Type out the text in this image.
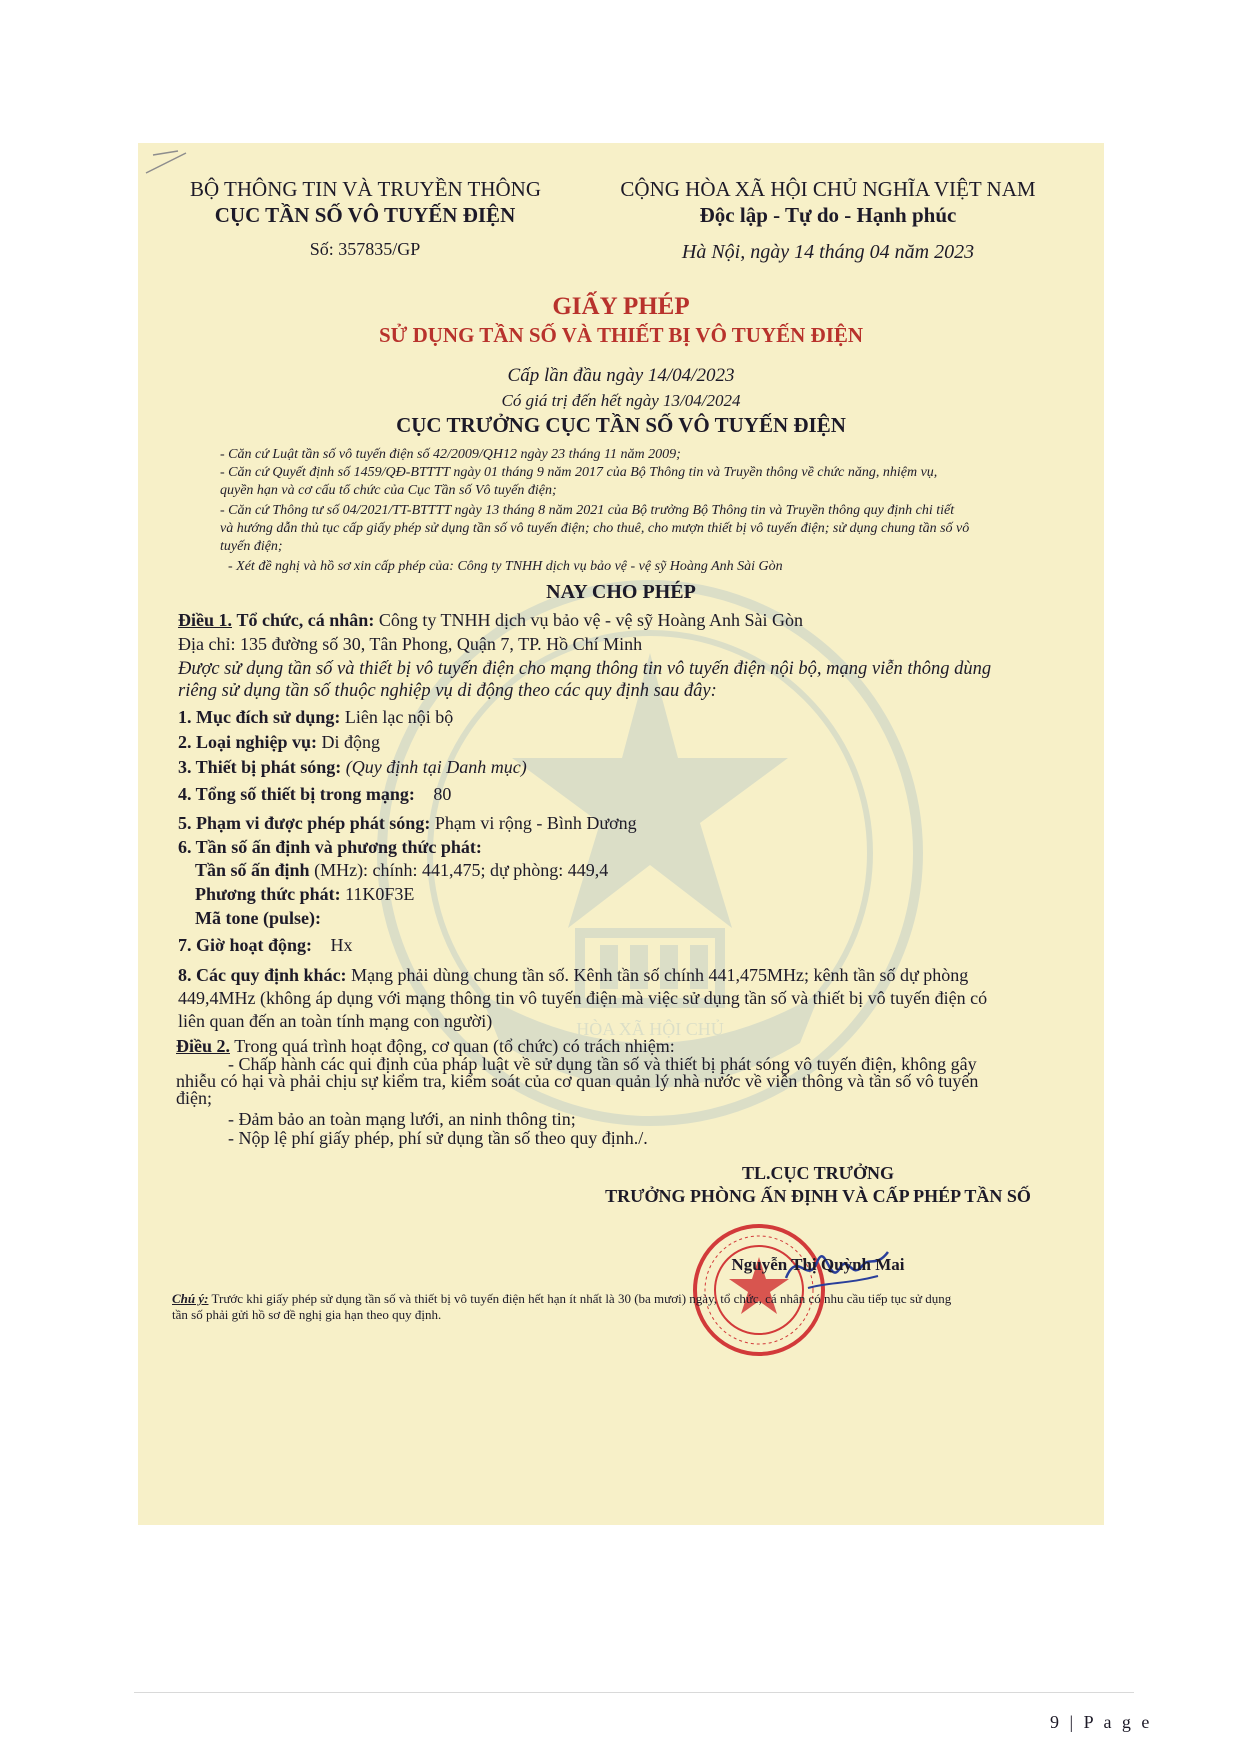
HÒA XÃ HỘI CHỦ
BỘ THÔNG TIN VÀ TRUYỀN THÔNG
CỤC TẦN SỐ VÔ TUYẾN ĐIỆN
Số: 357835/GP
CỘNG HÒA XÃ HỘI CHỦ NGHĨA VIỆT NAM
Độc lập - Tự do - Hạnh phúc
Hà Nội, ngày 14 tháng 04 năm 2023
GIẤY PHÉP
SỬ DỤNG TẦN SỐ VÀ THIẾT BỊ VÔ TUYẾN ĐIỆN
Cấp lần đầu ngày 14/04/2023
Có giá trị đến hết ngày 13/04/2024
CỤC TRƯỞNG CỤC TẦN SỐ VÔ TUYẾN ĐIỆN
- Căn cứ Luật tần số vô tuyến điện số 42/2009/QH12 ngày 23 tháng 11 năm 2009;
- Căn cứ Quyết định số 1459/QĐ-BTTTT ngày 01 tháng 9 năm 2017 của Bộ Thông tin và Truyền thông về chức năng, nhiệm vụ,
quyền hạn và cơ cấu tổ chức của Cục Tần số Vô tuyến điện;
- Căn cứ Thông tư số 04/2021/TT-BTTTT ngày 13 tháng 8 năm 2021 của Bộ trưởng Bộ Thông tin và Truyền thông quy định chi tiết
và hướng dẫn thủ tục cấp giấy phép sử dụng tần số vô tuyến điện; cho thuê, cho mượn thiết bị vô tuyến điện; sử dụng chung tần số vô
tuyến điện;
- Xét đề nghị và hồ sơ xin cấp phép của: Công ty TNHH dịch vụ bảo vệ - vệ sỹ Hoàng Anh Sài Gòn
NAY CHO PHÉP
Điều 1. Tổ chức, cá nhân: Công ty TNHH dịch vụ bảo vệ - vệ sỹ Hoàng Anh Sài Gòn
Địa chỉ: 135 đường số 30, Tân Phong, Quận 7, TP. Hồ Chí Minh
Được sử dụng tần số và thiết bị vô tuyến điện cho mạng thông tin vô tuyến điện nội bộ, mạng viễn thông dùng
riêng sử dụng tần số thuộc nghiệp vụ di động theo các quy định sau đây:
1. Mục đích sử dụng: Liên lạc nội bộ
2. Loại nghiệp vụ: Di động
3. Thiết bị phát sóng: (Quy định tại Danh mục)
4. Tổng số thiết bị trong mạng: 80
5. Phạm vi được phép phát sóng: Phạm vi rộng - Bình Dương
6. Tần số ấn định và phương thức phát:
Tần số ấn định (MHz): chính: 441,475; dự phòng: 449,4
Phương thức phát: 11K0F3E
Mã tone (pulse):
7. Giờ hoạt động: Hx
8. Các quy định khác: Mạng phải dùng chung tần số. Kênh tần số chính 441,475MHz; kênh tần số dự phòng
449,4MHz (không áp dụng với mạng thông tin vô tuyến điện mà việc sử dụng tần số và thiết bị vô tuyến điện có
liên quan đến an toàn tính mạng con người)
Điều 2. Trong quá trình hoạt động, cơ quan (tổ chức) có trách nhiệm:
- Chấp hành các qui định của pháp luật về sử dụng tần số và thiết bị phát sóng vô tuyến điện, không gây
nhiễu có hại và phải chịu sự kiểm tra, kiểm soát của cơ quan quản lý nhà nước về viễn thông và tần số vô tuyến
điện;
- Đảm bảo an toàn mạng lưới, an ninh thông tin;
- Nộp lệ phí giấy phép, phí sử dụng tần số theo quy định./.
TL.CỤC TRƯỞNG
TRƯỞNG PHÒNG ẤN ĐỊNH VÀ CẤP PHÉP TẦN SỐ
Nguyễn Thị Quỳnh Mai
Chú ý: Trước khi giấy phép sử dụng tần số và thiết bị vô tuyến điện hết hạn ít nhất là 30 (ba mươi) ngày, tổ chức, cá nhân có nhu cầu tiếp tục sử dụng
tần số phải gửi hồ sơ đề nghị gia hạn theo quy định.
9 | P a g e
